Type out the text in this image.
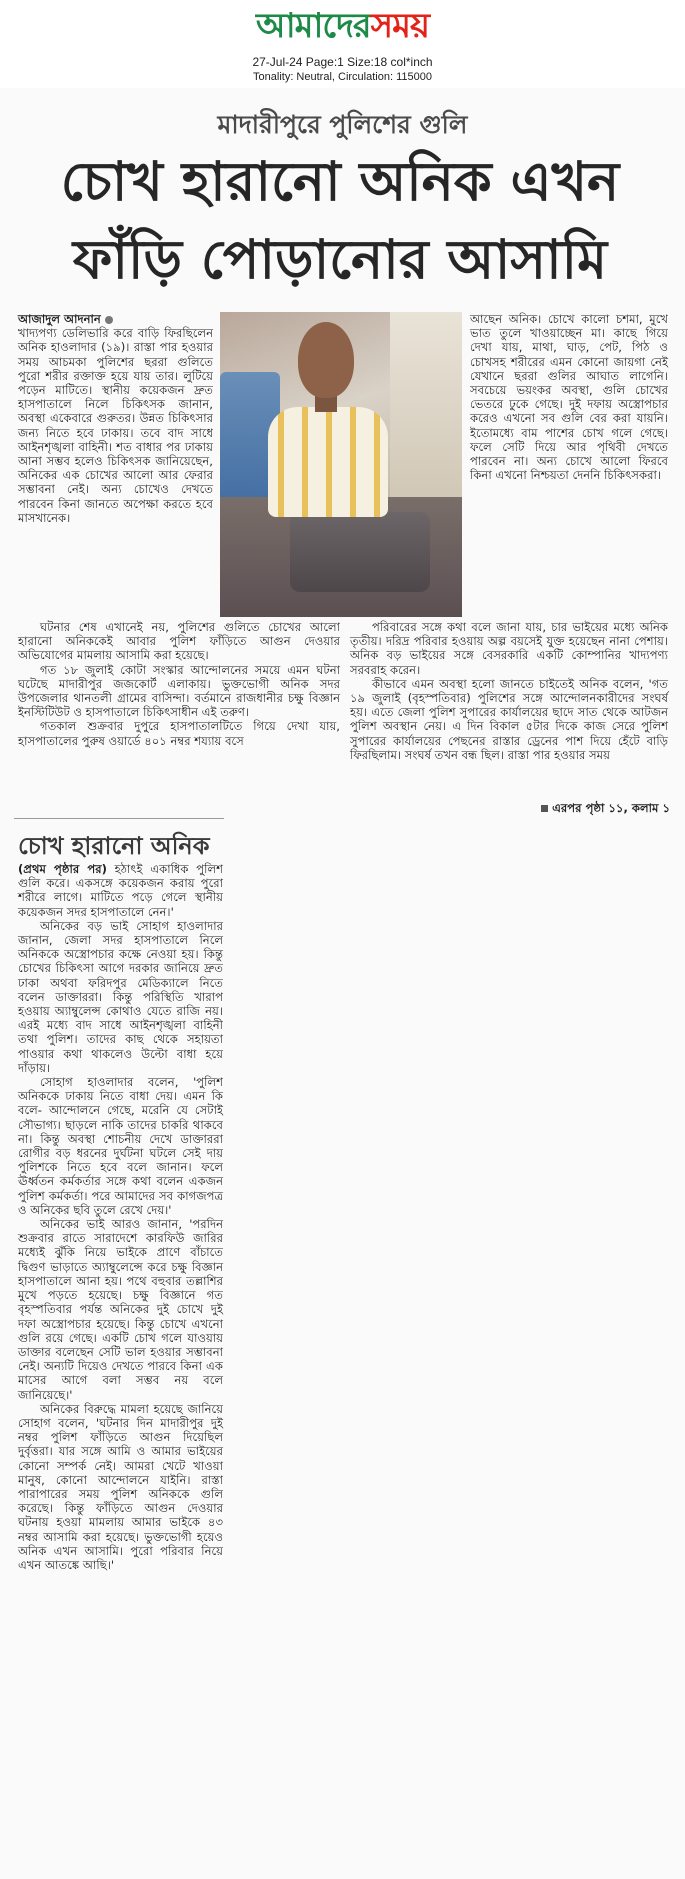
আমাদেরসময়
27-Jul-24 Page:1 Size:18 col*inch
Tonality: Neutral, Circulation: 115000
মাদারীপুরে পুলিশের গুলি
চোখ হারানো অনিক এখন
ফাঁড়ি পোড়ানোর আসামি

আজাদুল আদনান

খাদ্যপণ্য ডেলিভারি করে বাড়ি ফিরছিলেন অনিক হাওলাদার (১৯)। রাস্তা পার হওয়ার সময় আচমকা পুলিশের ছররা গুলিতে পুরো শরীর রক্তাক্ত হয়ে যায় তার। লুটিয়ে পড়েন মাটিতে। স্থানীয় কয়েকজন দ্রুত হাসপাতালে নিলে চিকিৎসক জানান, অবস্থা একেবারে গুরুতর। উন্নত চিকিৎসার জন্য নিতে হবে ঢাকায়। তবে বাদ সাধে আইনশৃঙ্খলা বাহিনী। শত বাধার পর ঢাকায় আনা সম্ভব হলেও চিকিৎসক জানিয়েছেন, অনিকের এক চোখের আলো আর ফেরার সম্ভাবনা নেই। অন্য চোখেও দেখতে পারবেন কিনা জানতে অপেক্ষা করতে হবে মাসখানেক।

আছেন অনিক। চোখে কালো চশমা, মুখে ভাত তুলে খাওয়াচ্ছেন মা। কাছে গিয়ে দেখা যায়, মাথা, ঘাড়, পেট, পিঠ ও চোখসহ শরীরের এমন কোনো জায়গা নেই যেখানে ছররা গুলির আঘাত লাগেনি। সবচেয়ে ভয়ংকর অবস্থা, গুলি চোখের ভেতরে ঢুকে গেছে। দুই দফায় অস্ত্রোপচার করেও এখনো সব গুলি বের করা যায়নি। ইতোমধ্যে বাম পাশের চোখ গলে গেছে। ফলে সেটি দিয়ে আর পৃথিবী দেখতে পারবেন না। অন্য চোখে আলো ফিরবে কিনা এখনো নিশ্চয়তা দেননি চিকিৎসকরা।

ঘটনার শেষ এখানেই নয়, পুলিশের গুলিতে চোখের আলো হারানো অনিককেই আবার পুলিশ ফাঁড়িতে আগুন দেওয়ার অভিযোগের মামলায় আসামি করা হয়েছে।

গত ১৮ জুলাই কোটা সংস্কার আন্দোলনের সময়ে এমন ঘটনা ঘটেছে মাদারীপুর জজকোর্ট এলাকায়। ভুক্তভোগী অনিক সদর উপজেলার থানতলী গ্রামের বাসিন্দা। বর্তমানে রাজধানীর চক্ষু বিজ্ঞান ইনস্টিটিউট ও হাসপাতালে চিকিৎসাধীন এই তরুণ।

গতকাল শুক্রবার দুপুরে হাসপাতালটিতে গিয়ে দেখা যায়, হাসপাতালের পুরুষ ওয়ার্ডে ৪০১ নম্বর শয্যায় বসে

পরিবারের সঙ্গে কথা বলে জানা যায়, চার ভাইয়ের মধ্যে অনিক তৃতীয়। দরিদ্র পরিবার হওয়ায় অল্প বয়সেই যুক্ত হয়েছেন নানা পেশায়। অনিক বড় ভাইয়ের সঙ্গে বেসরকারি একটি কোম্পানির খাদ্যপণ্য সরবরাহ করেন।

কীভাবে এমন অবস্থা হলো জানতে চাইতেই অনিক বলেন, 'গত ১৯ জুলাই (বৃহস্পতিবার) পুলিশের সঙ্গে আন্দোলনকারীদের সংঘর্ষ হয়। এতে জেলা পুলিশ সুপারের কার্যালয়ের ছাদে সাত থেকে আটজন পুলিশ অবস্থান নেয়। এ দিন বিকাল ৫টার দিকে কাজ সেরে পুলিশ সুপারের কার্যালয়ের পেছনের রাস্তার ড্রেনের পাশ দিয়ে হেঁটে বাড়ি ফিরছিলাম। সংঘর্ষ তখন বন্ধ ছিল। রাস্তা পার হওয়ার সময়

এরপর পৃষ্ঠা ১১, কলাম ১
চোখ হারানো অনিক

(প্রথম পৃষ্ঠার পর) হঠাৎই একাধিক পুলিশ গুলি করে। একসঙ্গে কয়েকজন করায় পুরো শরীরে লাগে। মাটিতে পড়ে গেলে স্থানীয় কয়েকজন সদর হাসপাতালে নেন।'

অনিকের বড় ভাই সোহাগ হাওলাদার জানান, জেলা সদর হাসপাতালে নিলে অনিককে অস্ত্রোপচার কক্ষে নেওয়া হয়। কিন্তু চোখের চিকিৎসা আগে দরকার জানিয়ে দ্রুত ঢাকা অথবা ফরিদপুর মেডিক্যালে নিতে বলেন ডাক্তাররা। কিন্তু পরিস্থিতি খারাপ হওয়ায় অ্যাম্বুলেন্স কোথাও যেতে রাজি নয়। এরই মধ্যে বাদ সাধে আইনশৃঙ্খলা বাহিনী তথা পুলিশ। তাদের কাছ থেকে সহায়তা পাওয়ার কথা থাকলেও উল্টো বাধা হয়ে দাঁড়ায়।

সোহাগ হাওলাদার বলেন, 'পুলিশ অনিককে ঢাকায় নিতে বাধা দেয়। এমন কি বলে- আন্দোলনে গেছে, মরেনি যে সেটাই সৌভাগ্য। ছাড়লে নাকি তাদের চাকরি থাকবে না। কিন্তু অবস্থা শোচনীয় দেখে ডাক্তাররা রোগীর বড় ধরনের দুর্ঘটনা ঘটলে সেই দায় পুলিশকে নিতে হবে বলে জানান। ফলে ঊর্ধ্বতন কর্মকর্তার সঙ্গে কথা বলেন একজন পুলিশ কর্মকর্তা। পরে আমাদের সব কাগজপত্র ও অনিকের ছবি তুলে রেখে দেয়।'

অনিকের ভাই আরও জানান, 'পরদিন শুক্রবার রাতে সারাদেশে কারফিউ জারির মধ্যেই ঝুঁকি নিয়ে ভাইকে প্রাণে বাঁচাতে দ্বিগুণ ভাড়াতে অ্যাম্বুলেন্সে করে চক্ষু বিজ্ঞান হাসপাতালে আনা হয়। পথে বহুবার তল্লাশির মুখে পড়তে হয়েছে। চক্ষু বিজ্ঞানে গত বৃহস্পতিবার পর্যন্ত অনিকের দুই চোখে দুই দফা অস্ত্রোপচার হয়েছে। কিন্তু চোখে এখনো গুলি রয়ে গেছে। একটি চোখ গলে যাওয়ায় ডাক্তার বলেছেন সেটি ভাল হওয়ার সম্ভাবনা নেই। অন্যটি দিয়েও দেখতে পারবে কিনা এক মাসের আগে বলা সম্ভব নয় বলে জানিয়েছে।'

অনিকের বিরুদ্ধে মামলা হয়েছে জানিয়ে সোহাগ বলেন, 'ঘটনার দিন মাদারীপুর দুই নম্বর পুলিশ ফাঁড়িতে আগুন দিয়েছিল দুর্বৃত্তরা। যার সঙ্গে আমি ও আমার ভাইয়ের কোনো সম্পর্ক নেই। আমরা খেটে খাওয়া মানুষ, কোনো আন্দোলনে যাইনি। রাস্তা পারাপারের সময় পুলিশ অনিককে গুলি করেছে। কিন্তু ফাঁড়িতে আগুন দেওয়ার ঘটনায় হওয়া মামলায় আমার ভাইকে ৪৩ নম্বর আসামি করা হয়েছে। ভুক্তভোগী হয়েও অনিক এখন আসামি। পুরো পরিবার নিয়ে এখন আতঙ্কে আছি।'
